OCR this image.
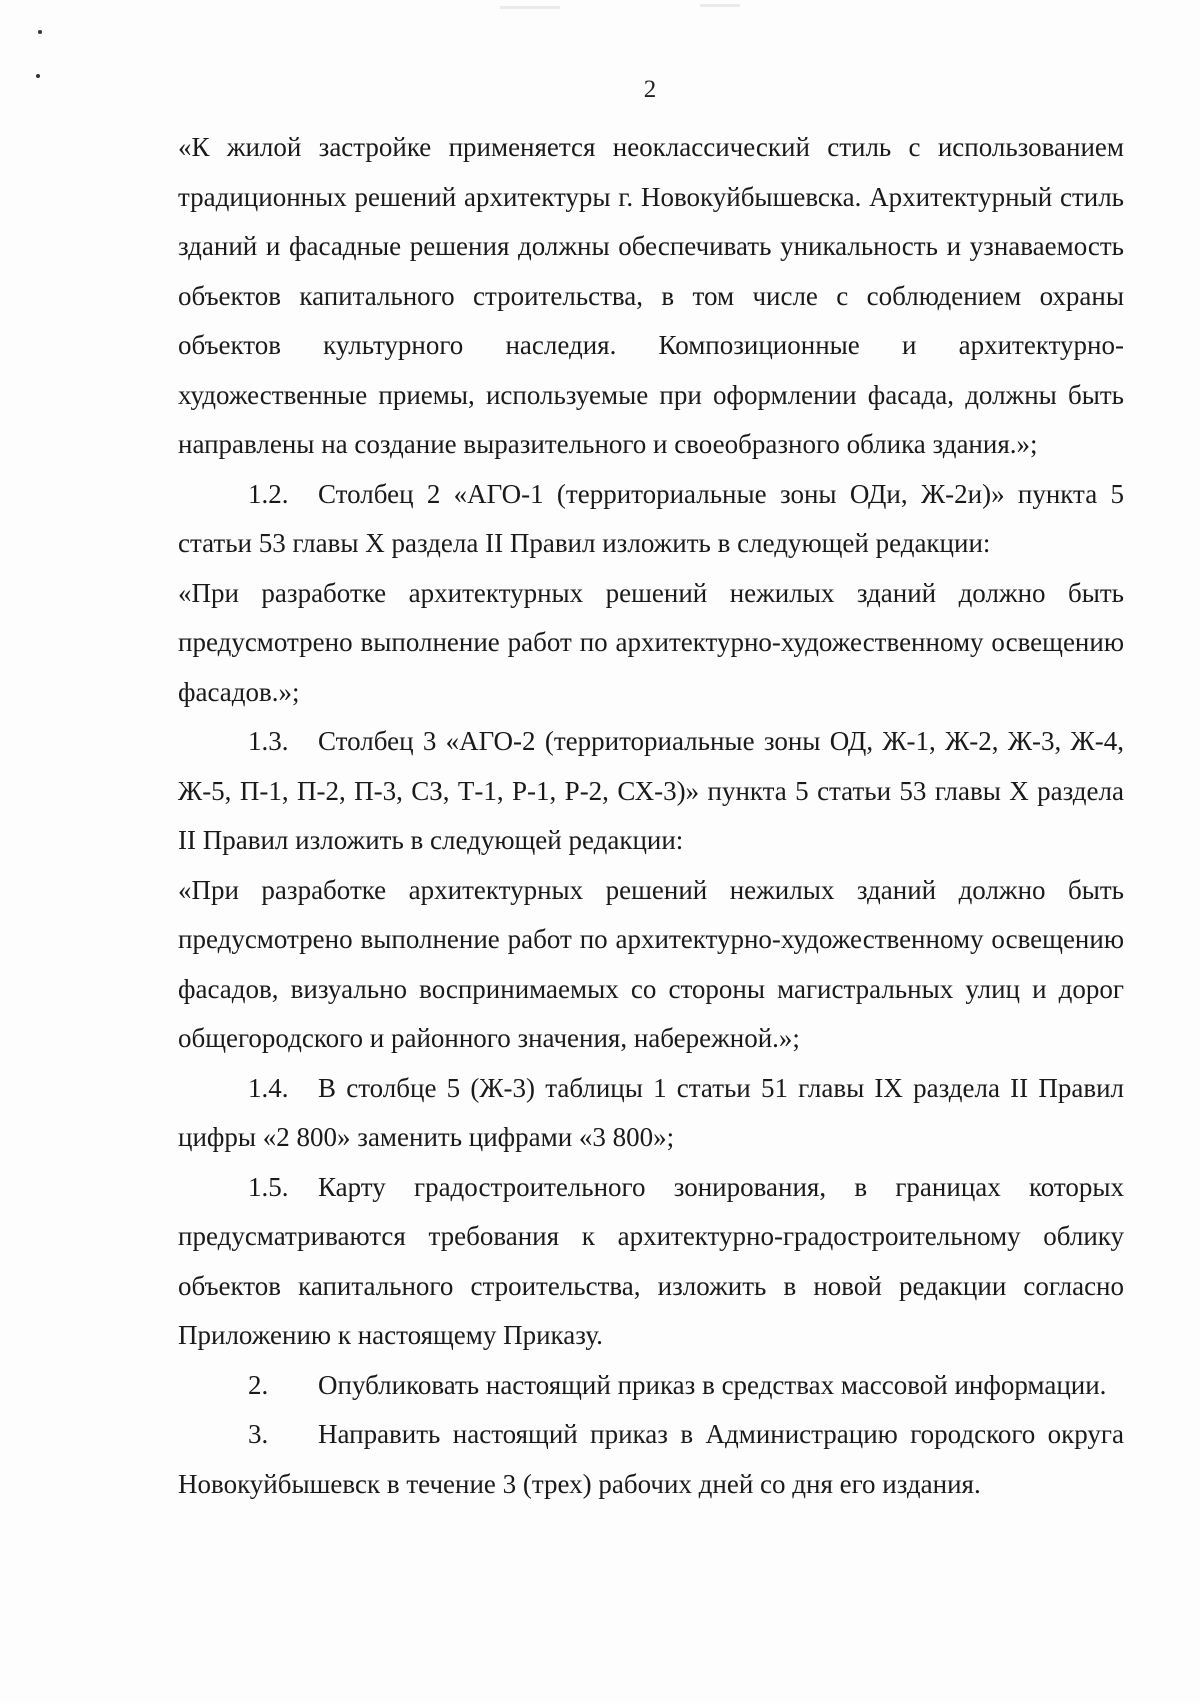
2

«К жилой застройке применяется неоклассический стиль с использованием традиционных решений архитектуры г. Новокуйбышевска. Архитектурный стиль зданий и фасадные решения должны обеспечивать уникальность и узнаваемость объектов капитального строительства, в том числе с соблюдением охраны объектов культурного наследия. Композиционные и архитектурно-художественные приемы, используемые при оформлении фасада, должны быть направлены на создание выразительного и своеобразного облика здания.»;

1.2. Столбец 2 «АГО-1 (территориальные зоны ОДи, Ж-2и)» пункта 5 статьи 53 главы X раздела II Правил изложить в следующей редакции:

«При разработке архитектурных решений нежилых зданий должно быть предусмотрено выполнение работ по архитектурно-художественному освещению фасадов.»;

1.3. Столбец 3 «АГО-2 (территориальные зоны ОД, Ж-1, Ж-2, Ж-3, Ж-4, Ж-5, П-1, П-2, П-3, СЗ, Т-1, Р-1, Р-2, СХ-3)» пункта 5 статьи 53 главы X раздела II Правил изложить в следующей редакции:

«При разработке архитектурных решений нежилых зданий должно быть предусмотрено выполнение работ по архитектурно-художественному освещению фасадов, визуально воспринимаемых со стороны магистральных улиц и дорог общегородского и районного значения, набережной.»;

1.4. В столбце 5 (Ж-3) таблицы 1 статьи 51 главы IX раздела II Правил цифры «2 800» заменить цифрами «3 800»;

1.5. Карту градостроительного зонирования, в границах которых предусматриваются требования к архитектурно-градостроительному облику объектов капитального строительства, изложить в новой редакции согласно Приложению к настоящему Приказу.

2. Опубликовать настоящий приказ в средствах массовой информации.

3. Направить настоящий приказ в Администрацию городского округа Новокуйбышевск в течение 3 (трех) рабочих дней со дня его издания.
